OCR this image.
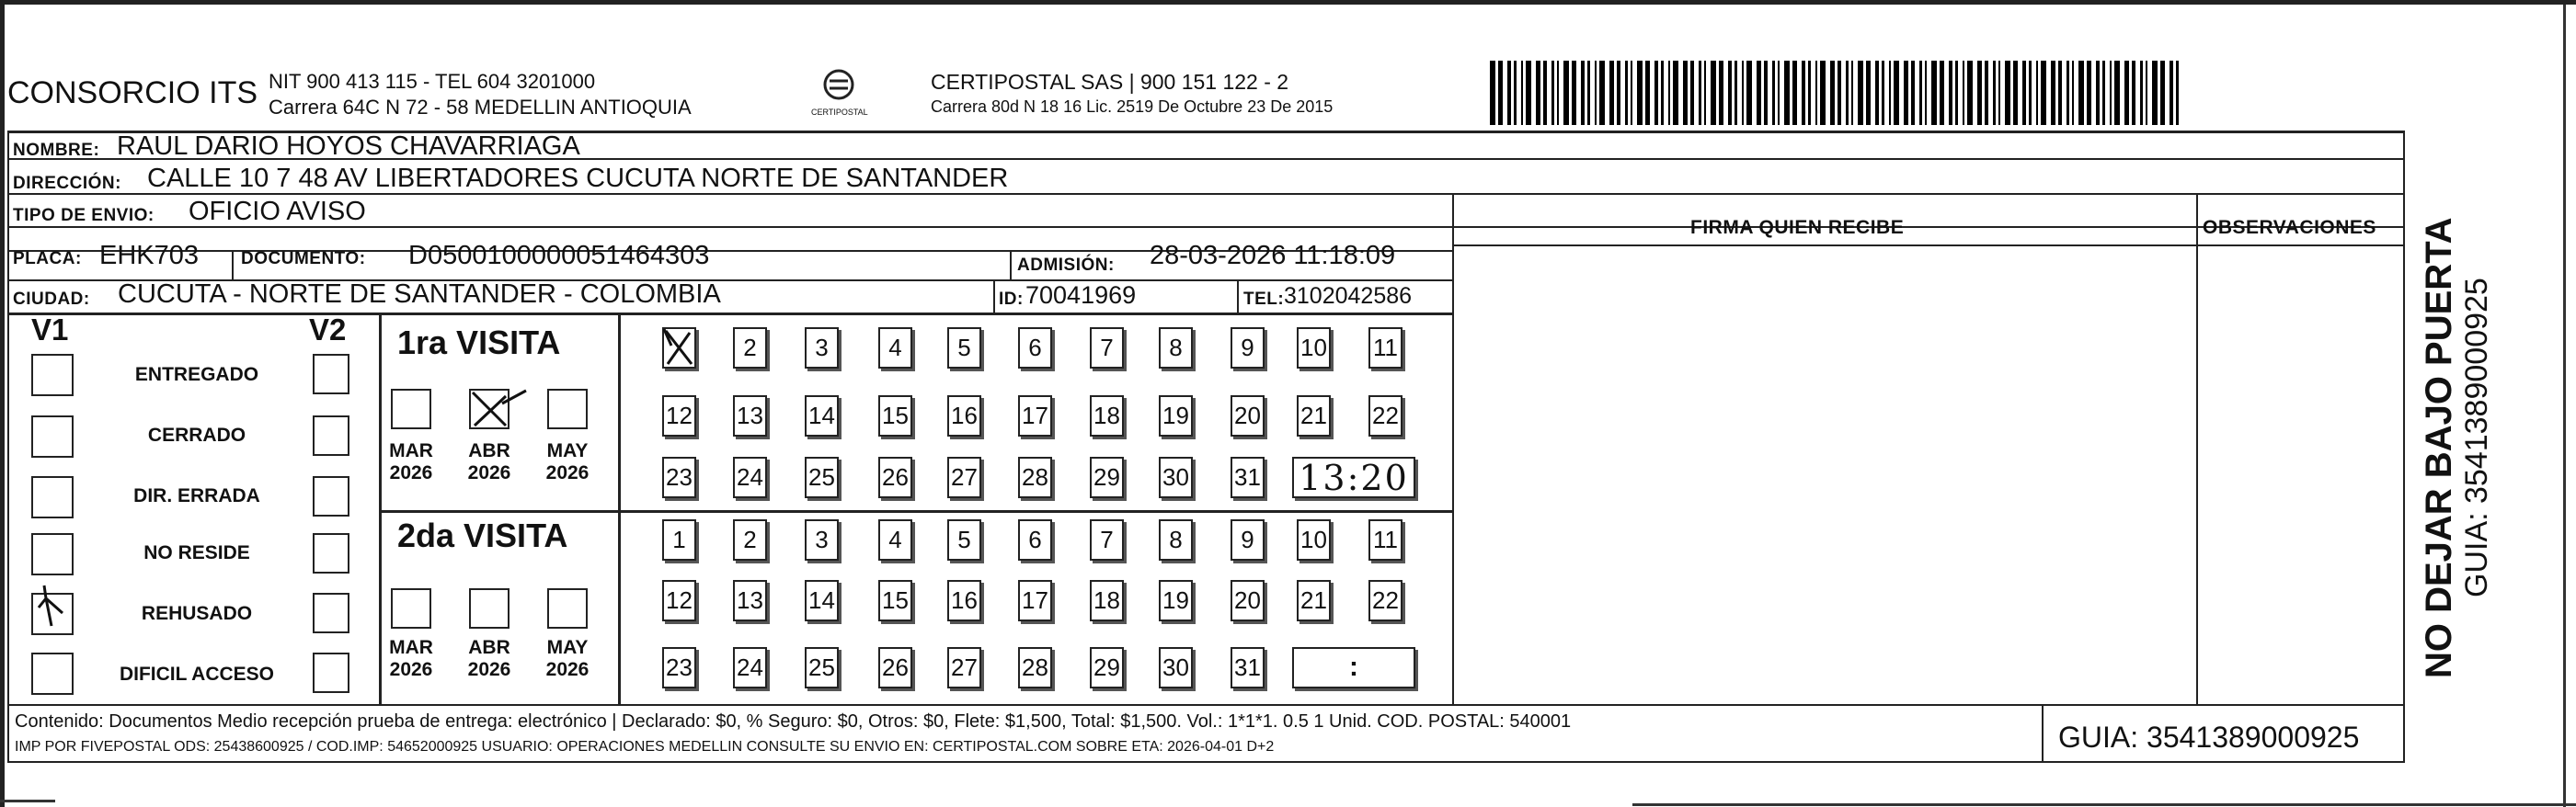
CONSORCIO ITS NIT 900 413 115 - TEL 604 3201000
Carrera 64C N 72 - 58 MEDELLIN ANTIOQUIA	CERTIPOSTAL
CERTIPOSTAL SAS | 900 151 122 - 2
Carrera 80d N 18 16 Lic. 2519 De Octubre 23 De 2015
NOMBRE: RAUL DARIO HOYOS CHAVARRIAGA
DIRECCIÓN: CALLE 10 7 48 AV LIBERTADORES CUCUTA NORTE DE SANTANDER
TIPO DE ENVIO: OFICIO AVISO
FIRMA QUIEN RECIBE	OBSERVACIONES
PLACA: EHK703 DOCUMENTO: D0500100000051464303	ADMISIÓN: 28-03-2026 11:18:09
CIUDAD: CUCUTA - NORTE DE SANTANDER - COLOMBIA	ID: 70041969	TEL: 3102042586
V1	V2
ENTREGADO
CERRADO
DIR. ERRADA
NO RESIDE
REHUSADO
DIFICIL ACCESO
1ra VISITA
MAR
2026
ABR
2026
MAY
2026
2	3	4	5	6	7	8	9	10 11
12 13 14 15 16 17 18 19 20 21 22
23 24 25 26 27 28 29 30 31 13:20
2da VISITA
MAR
2026
ABR
2026
MAY
2026
1	2	3	4	5	6	7	8	9	10 11
12 13 14 15 16 17 18 19 20 21 22
23 24 25 26 27 28 29 30 31	:
Contenido: Documentos Medio recepción prueba de entrega: electrónico | Declarado: $0, % Seguro: $0, Otros: $0, Flete: $1,500, Total: $1,500. Vol.: 1*1*1. 0.5 1 Unid. COD. POSTAL: 540001
IMP POR FIVEPOSTAL ODS: 25438600925 / COD.IMP: 54652000925 USUARIO: OPERACIONES MEDELLIN CONSULTE SU ENVIO EN: CERTIPOSTAL.COM SOBRE ETA: 2026-04-01 D+2	GUIA: 3541389000925
NO DEJAR BAJO PUERTA GUIA: 3541389000925
